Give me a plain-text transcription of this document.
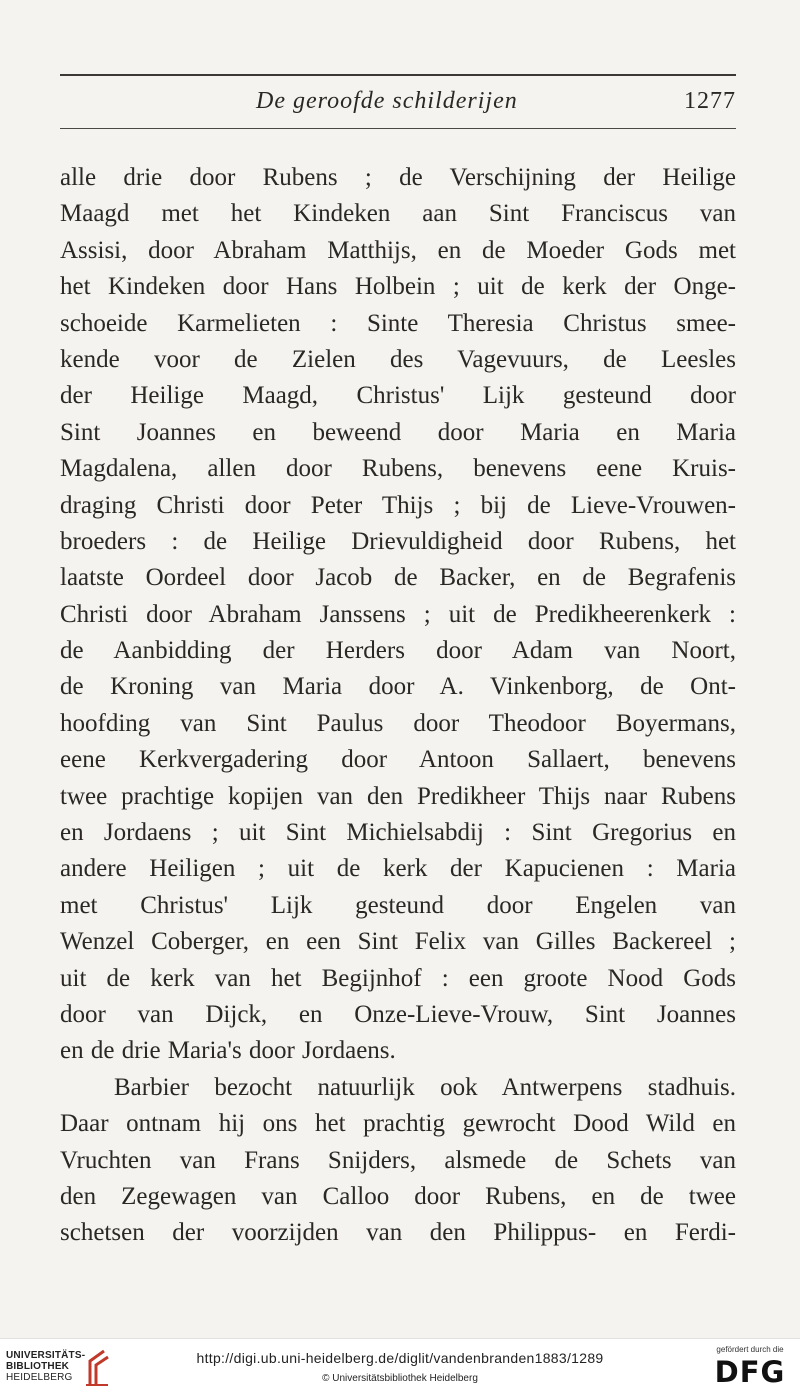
De geroofde schilderijen	1277
alle drie door Rubens ; de Verschijning der Heilige
Maagd met het Kindeken aan Sint Franciscus van
Assisi, door Abraham Matthijs, en de Moeder Gods met
het Kindeken door Hans Holbein ; uit de kerk der Onge-
schoeide Karmelieten : Sinte Theresia Christus smee-
kende voor de Zielen des Vagevuurs, de Leesles
der Heilige Maagd, Christus' Lijk gesteund door
Sint Joannes en beweend door Maria en Maria
Magdalena, allen door Rubens, benevens eene Kruis-
draging Christi door Peter Thijs ; bij de Lieve-Vrouwen-
broeders : de Heilige Drievuldigheid door Rubens, het
laatste Oordeel door Jacob de Backer, en de Begrafenis
Christi door Abraham Janssens ; uit de Predikheerenkerk :
de Aanbidding der Herders door Adam van Noort,
de Kroning van Maria door A. Vinkenborg, de Ont-
hoofding van Sint Paulus door Theodoor Boyermans,
eene Kerkvergadering door Antoon Sallaert, benevens
twee prachtige kopijen van den Predikheer Thijs naar Rubens
en Jordaens ; uit Sint Michielsabdij : Sint Gregorius en
andere Heiligen ; uit de kerk der Kapucienen : Maria
met Christus' Lijk gesteund door Engelen van
Wenzel Coberger, en een Sint Felix van Gilles Backereel ;
uit de kerk van het Begijnhof : een groote Nood Gods
door van Dijck, en Onze-Lieve-Vrouw, Sint Joannes
en de drie Maria's door Jordaens.
Barbier bezocht natuurlijk ook Antwerpens stadhuis.
Daar ontnam hij ons het prachtig gewrocht Dood Wild en
Vruchten van Frans Snijders, alsmede de Schets van
den Zegewagen van Calloo door Rubens, en de twee
schetsen der voorzijden van den Philippus- en Ferdi-
UNIVERSITÄTS-
BIBLIOTHEK
HEIDELBERG
http://digi.ub.uni-heidelberg.de/diglit/vandenbranden1883/1289
© Universitätsbibliothek Heidelberg
gefördert durch die
DFG
